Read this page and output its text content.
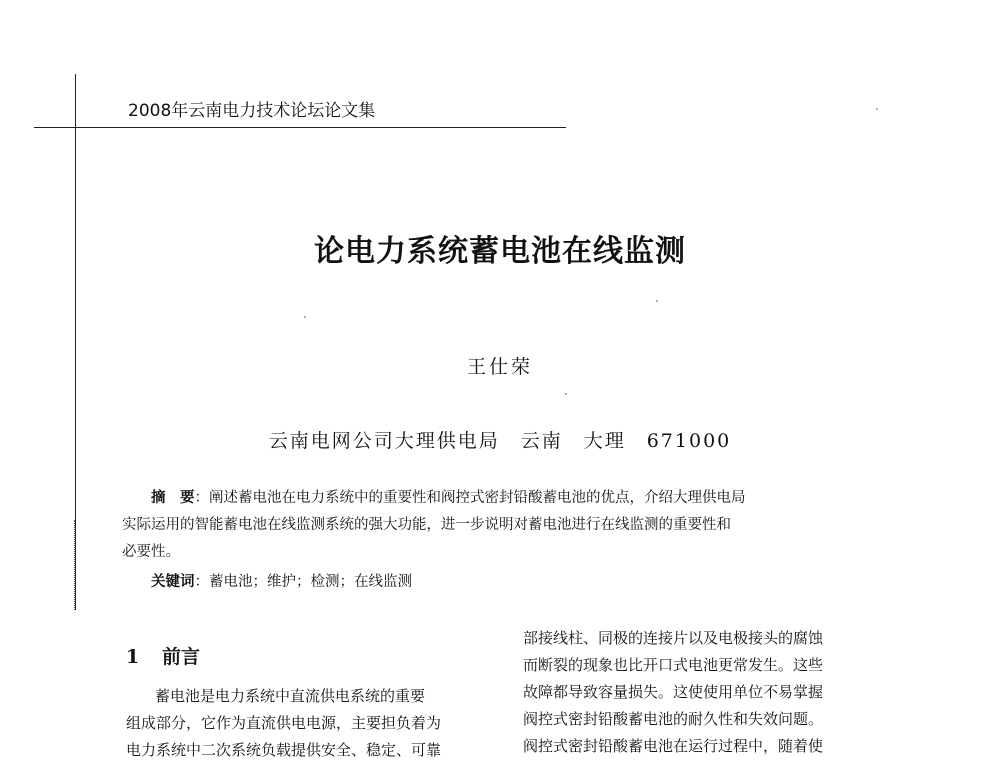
2008年云南电力技术论坛论文集
论电力系统蓄电池在线监测
王仕荣
云南电网公司大理供电局　云南　大理　671000
摘　要：阐述蓄电池在电力系统中的重要性和阀控式密封铅酸蓄电池的优点，介绍大理供电局
实际运用的智能蓄电池在线监测系统的强大功能，进一步说明对蓄电池进行在线监测的重要性和
必要性。
关键词：蓄电池；维护；检测；在线监测
1 前言
蓄电池是电力系统中直流供电系统的重要
组成部分，它作为直流供电电源，主要担负着为
电力系统中二次系统负载提供安全、稳定、可靠
部接线柱、同极的连接片以及电极接头的腐蚀
而断裂的现象也比开口式电池更常发生。这些
故障都导致容量损失。这使使用单位不易掌握
阀控式密封铅酸蓄电池的耐久性和失效问题。
阀控式密封铅酸蓄电池在运行过程中，随着使
